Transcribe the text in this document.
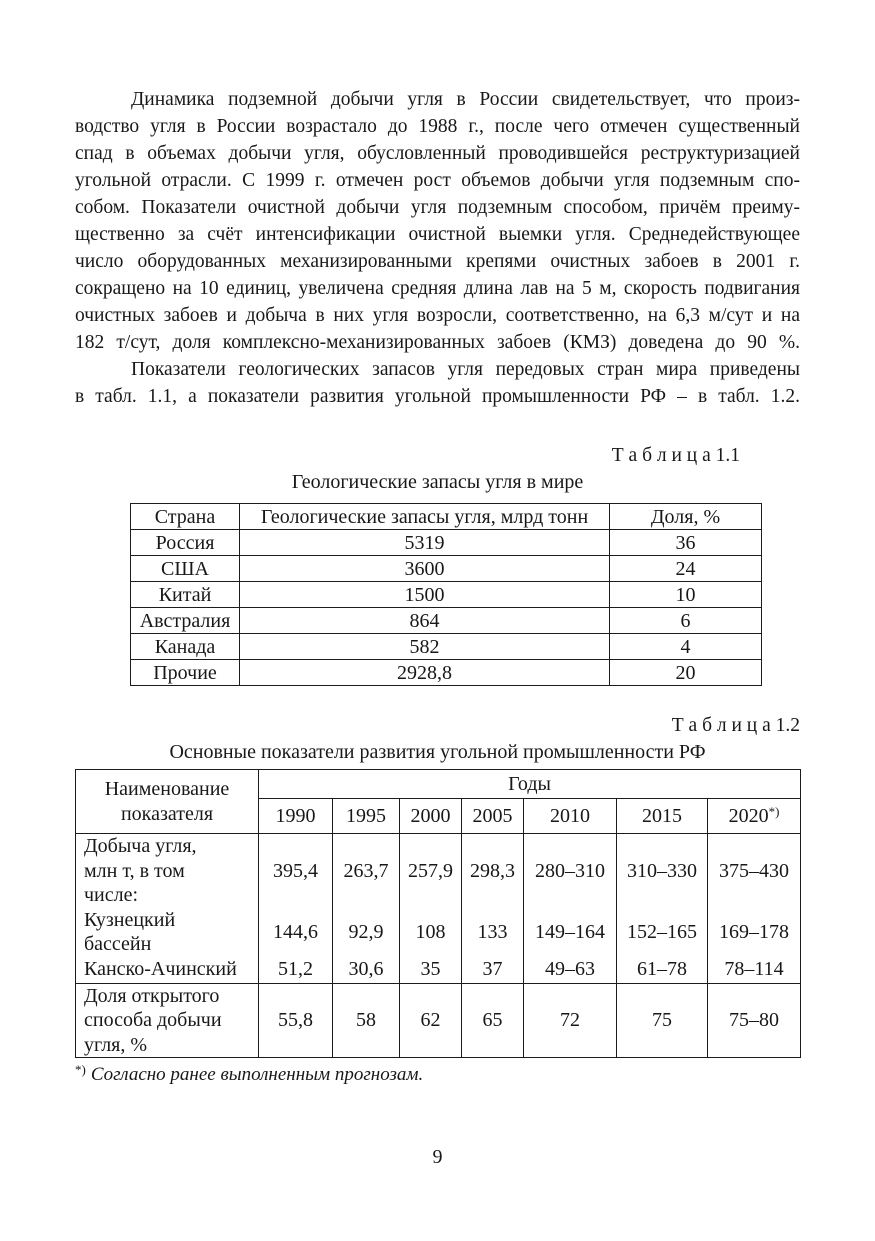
Динамика подземной добычи угля в России свидетельствует, что произ-
водство угля в России возрастало до 1988 г., после чего отмечен существенный
спад в объемах добычи угля, обусловленный проводившейся реструктуризацией
угольной отрасли. С 1999 г. отмечен рост объемов добычи угля подземным спо-
собом. Показатели очистной добычи угля подземным способом, причём преиму-
щественно за счёт интенсификации очистной выемки угля. Среднедействующее
число оборудованных механизированными крепями очистных забоев в 2001 г.
сокращено на 10 единиц, увеличена средняя длина лав на 5 м, скорость подвигания
очистных забоев и добыча в них угля возросли, соответственно, на 6,3 м/сут и на
182 т/сут, доля комплексно-механизированных забоев (КМЗ) доведена до 90 %.
Показатели геологических запасов угля передовых стран мира приведены
в табл. 1.1, а показатели развития угольной промышленности РФ – в табл. 1.2.
Т а б л и ц а 1.1
Геологические запасы угля в мире
Страна	Геологические запасы угля, млрд тонн	Доля, %
Россия	5319	36
США	3600	24
Китай	1500	10
Австралия	864	6
Канада	582	4
Прочие	2928,8	20
Т а б л и ц а 1.2
Основные показатели развития угольной промышленности РФ
Наименование
показателя	Годы						
	1990	1995	2000	2005	2010	2015	2020*)

Добыча угля,
млн т, в том
числе:	395,4	263,7	257,9	298,3	280–310	310–330	375–430

Кузнецкий
бассейн	144,6	92,9	108	133	149–164	152–165	169–178

Канско-Ачинский	51,2	30,6	35	37	49–63	61–78	78–114

Доля открытого
способа добычи
угля, %	55,8	58	62	65	72	75	75–80
*) Согласно ранее выполненным прогнозам.
9
